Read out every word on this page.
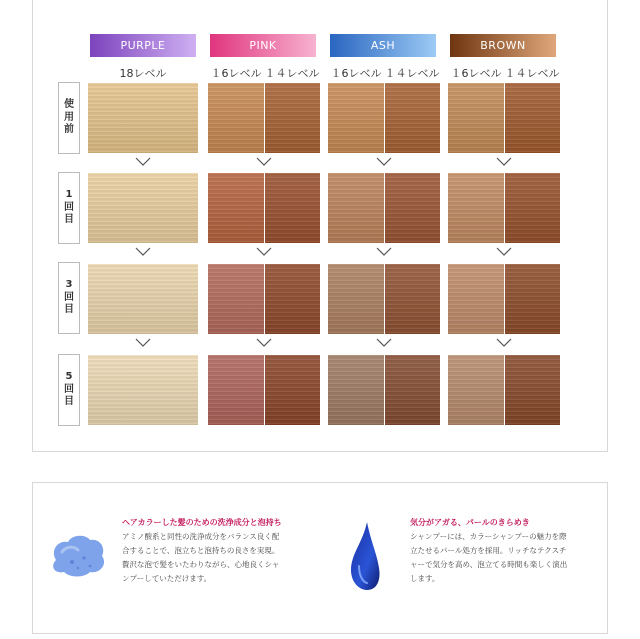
PURPLE	PINK	ASH	BROWN
18レベル	１6レベル １４レベル １6レベル １４レベル １6レベル １４レベル
使
用
前
1
回
目
3
回
目
5
回
目
ヘアカラーした髪のための洗浄成分と泡持ち
アミノ酸系と同性の洗浄成分をバランス良く配
合することで、泡立ちと泡持ちの良さを実現。
贅沢な泡で髪をいたわりながら、心地良くシャ
ンプーしていただけます。
気分がアガる、パールのきらめき
シャンプーには、カラーシャンプーの魅力を際
立たせるパール処方を採用。リッチなテクスチ
ャーで気分を高め、泡立てる時間も楽しく演出
します。
